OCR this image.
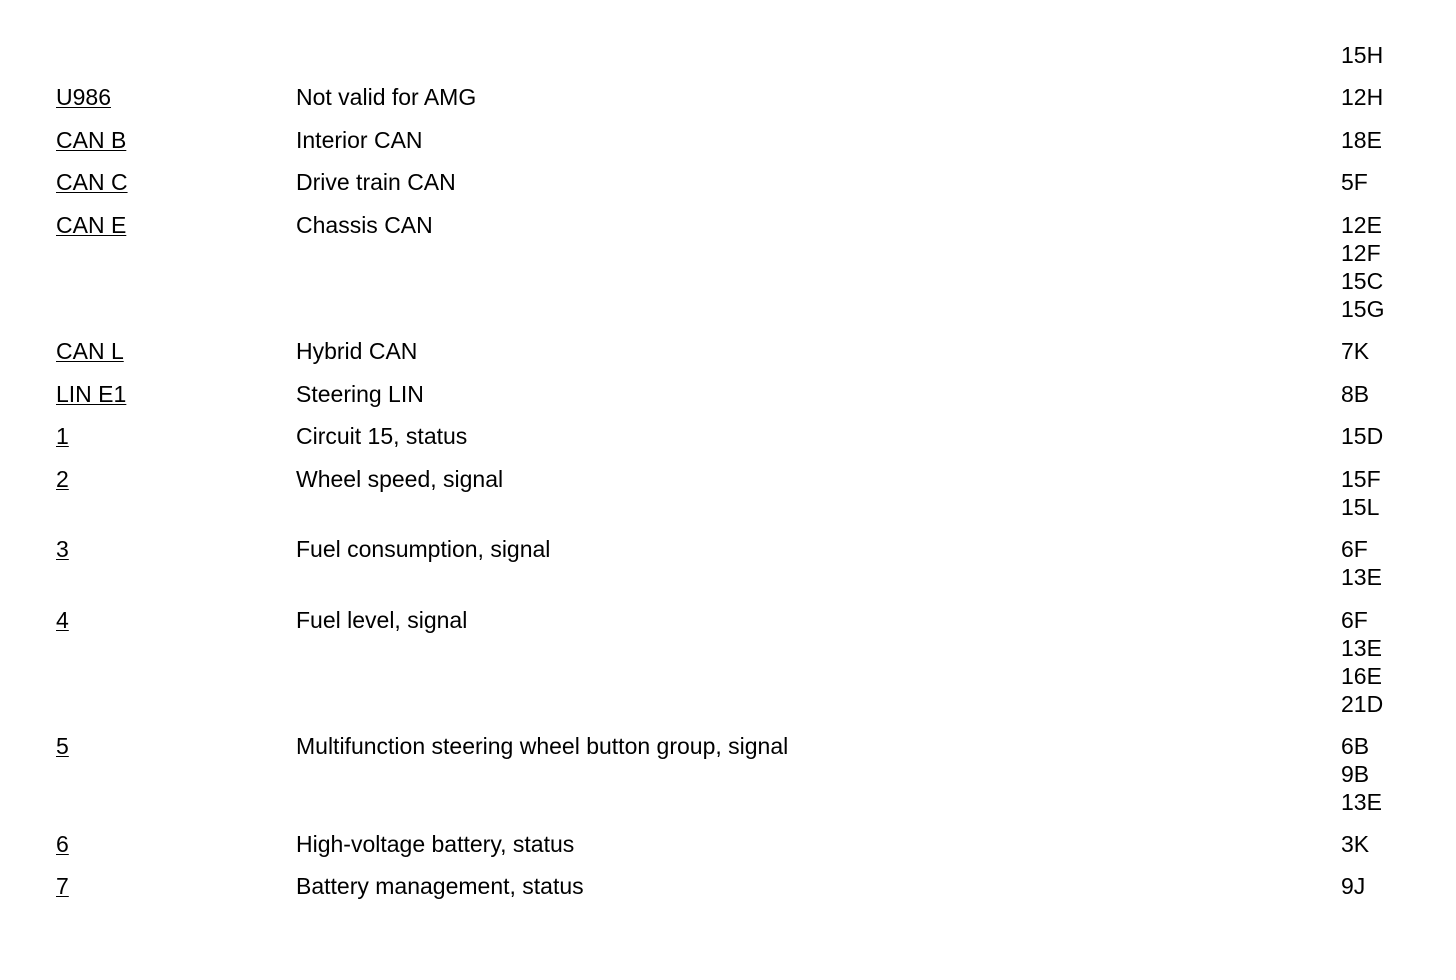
15H
U986	Not valid for AMG	12H
CAN B	Interior CAN	18E
CAN C	Drive train CAN	5F
CAN E	Chassis CAN	12E
12F
15C
15G
CAN L	Hybrid CAN	7K
LIN E1	Steering LIN	8B
1	Circuit 15, status	15D
2	Wheel speed, signal	15F
15L
3	Fuel consumption, signal	6F
13E
4	Fuel level, signal	6F
13E
16E
21D
5	Multifunction steering wheel button group, signal	6B
9B
13E
6	High-voltage battery, status	3K
7	Battery management, status	9J
